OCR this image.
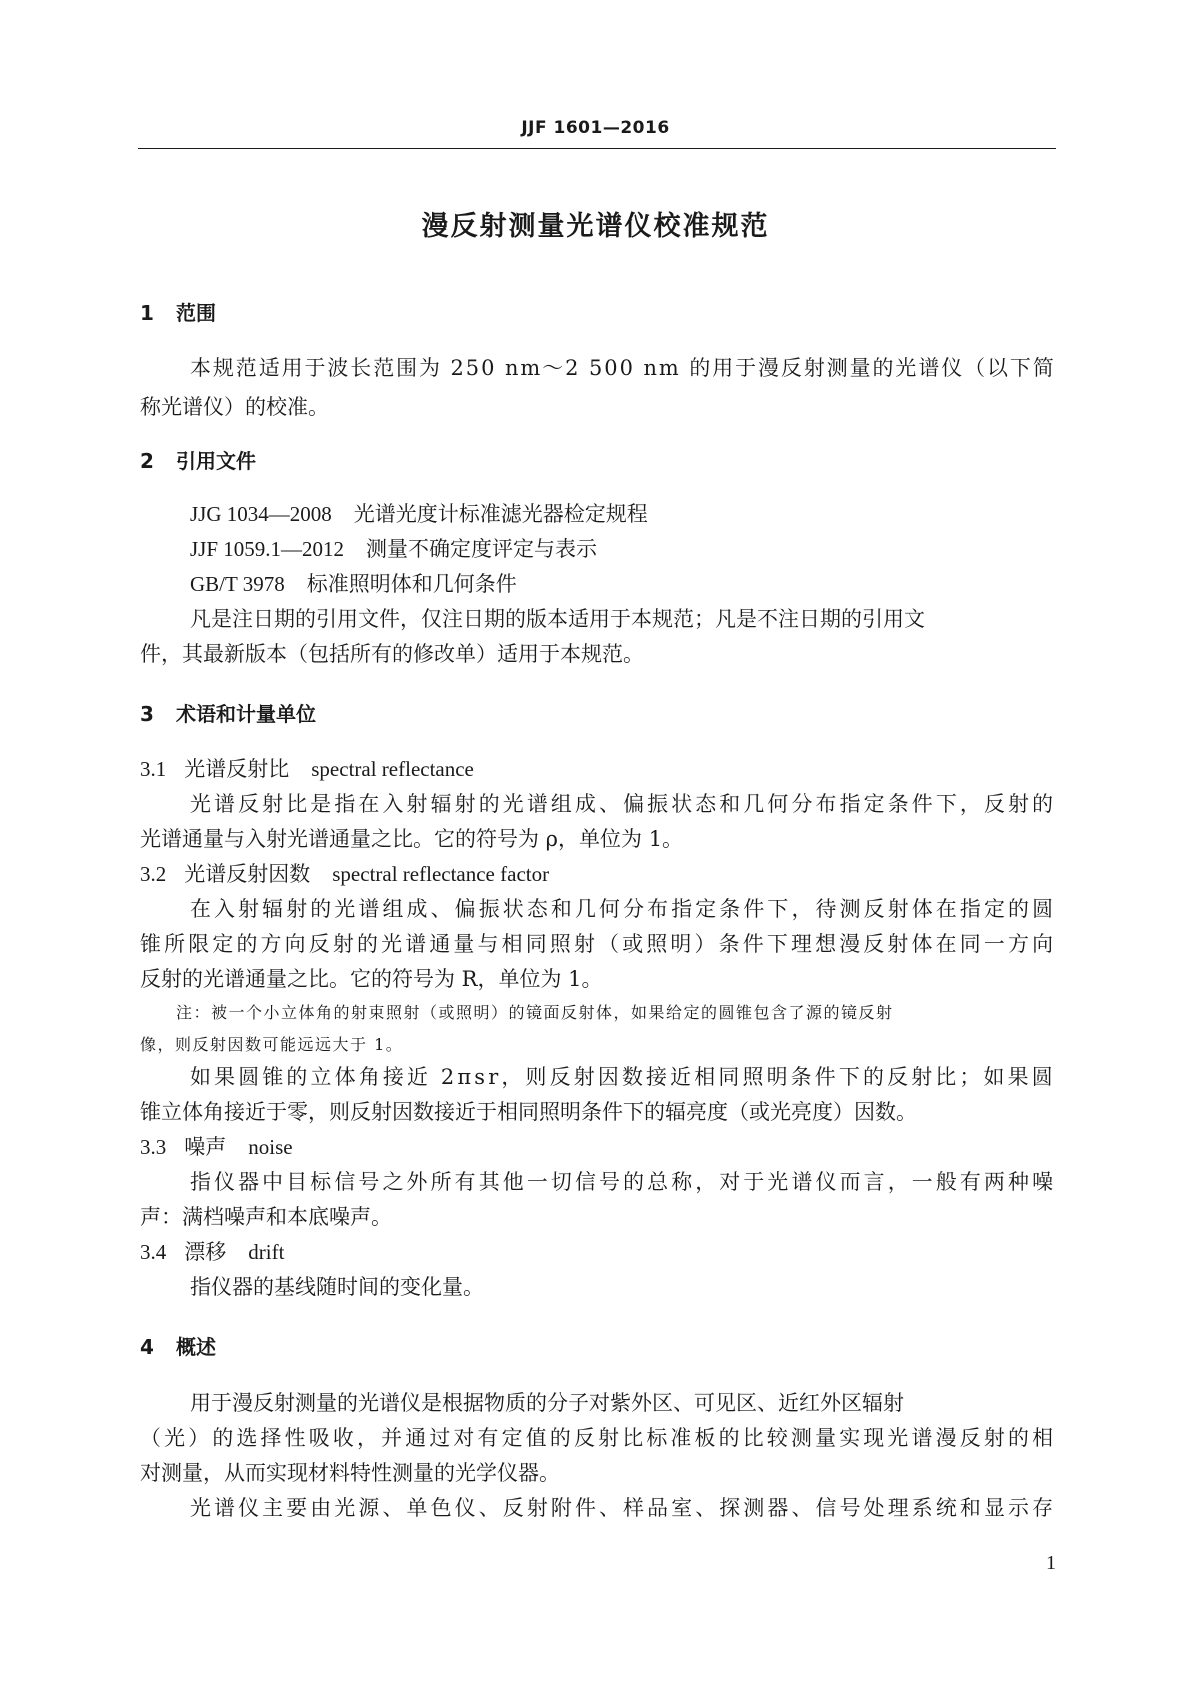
JJF 1601—2016
漫反射测量光谱仪校准规范
1 范围
本规范适用于波长范围为 250 nm～2 500 nm 的用于漫反射测量的光谱仪（以下简
称光谱仪）的校准。
2 引用文件
JJG 1034—2008 光谱光度计标准滤光器检定规程
JJF 1059.1—2012 测量不确定度评定与表示
GB/T 3978 标准照明体和几何条件
凡是注日期的引用文件，仅注日期的版本适用于本规范；凡是不注日期的引用文
件，其最新版本（包括所有的修改单）适用于本规范。
3 术语和计量单位
3.1 光谱反射比 spectral reflectance
光谱反射比是指在入射辐射的光谱组成、偏振状态和几何分布指定条件下，反射的
光谱通量与入射光谱通量之比。它的符号为 ρ，单位为 1。
3.2 光谱反射因数 spectral reflectance factor
在入射辐射的光谱组成、偏振状态和几何分布指定条件下，待测反射体在指定的圆
锥所限定的方向反射的光谱通量与相同照射（或照明）条件下理想漫反射体在同一方向
反射的光谱通量之比。它的符号为 R，单位为 1。
注：被一个小立体角的射束照射（或照明）的镜面反射体，如果给定的圆锥包含了源的镜反射
像，则反射因数可能远远大于 1。
如果圆锥的立体角接近 2πsr，则反射因数接近相同照明条件下的反射比；如果圆
锥立体角接近于零，则反射因数接近于相同照明条件下的辐亮度（或光亮度）因数。
3.3 噪声 noise
指仪器中目标信号之外所有其他一切信号的总称，对于光谱仪而言，一般有两种噪
声：满档噪声和本底噪声。
3.4 漂移 drift
指仪器的基线随时间的变化量。
4 概述
用于漫反射测量的光谱仪是根据物质的分子对紫外区、可见区、近红外区辐射
（光）的选择性吸收，并通过对有定值的反射比标准板的比较测量实现光谱漫反射的相
对测量，从而实现材料特性测量的光学仪器。
光谱仪主要由光源、单色仪、反射附件、样品室、探测器、信号处理系统和显示存
1
